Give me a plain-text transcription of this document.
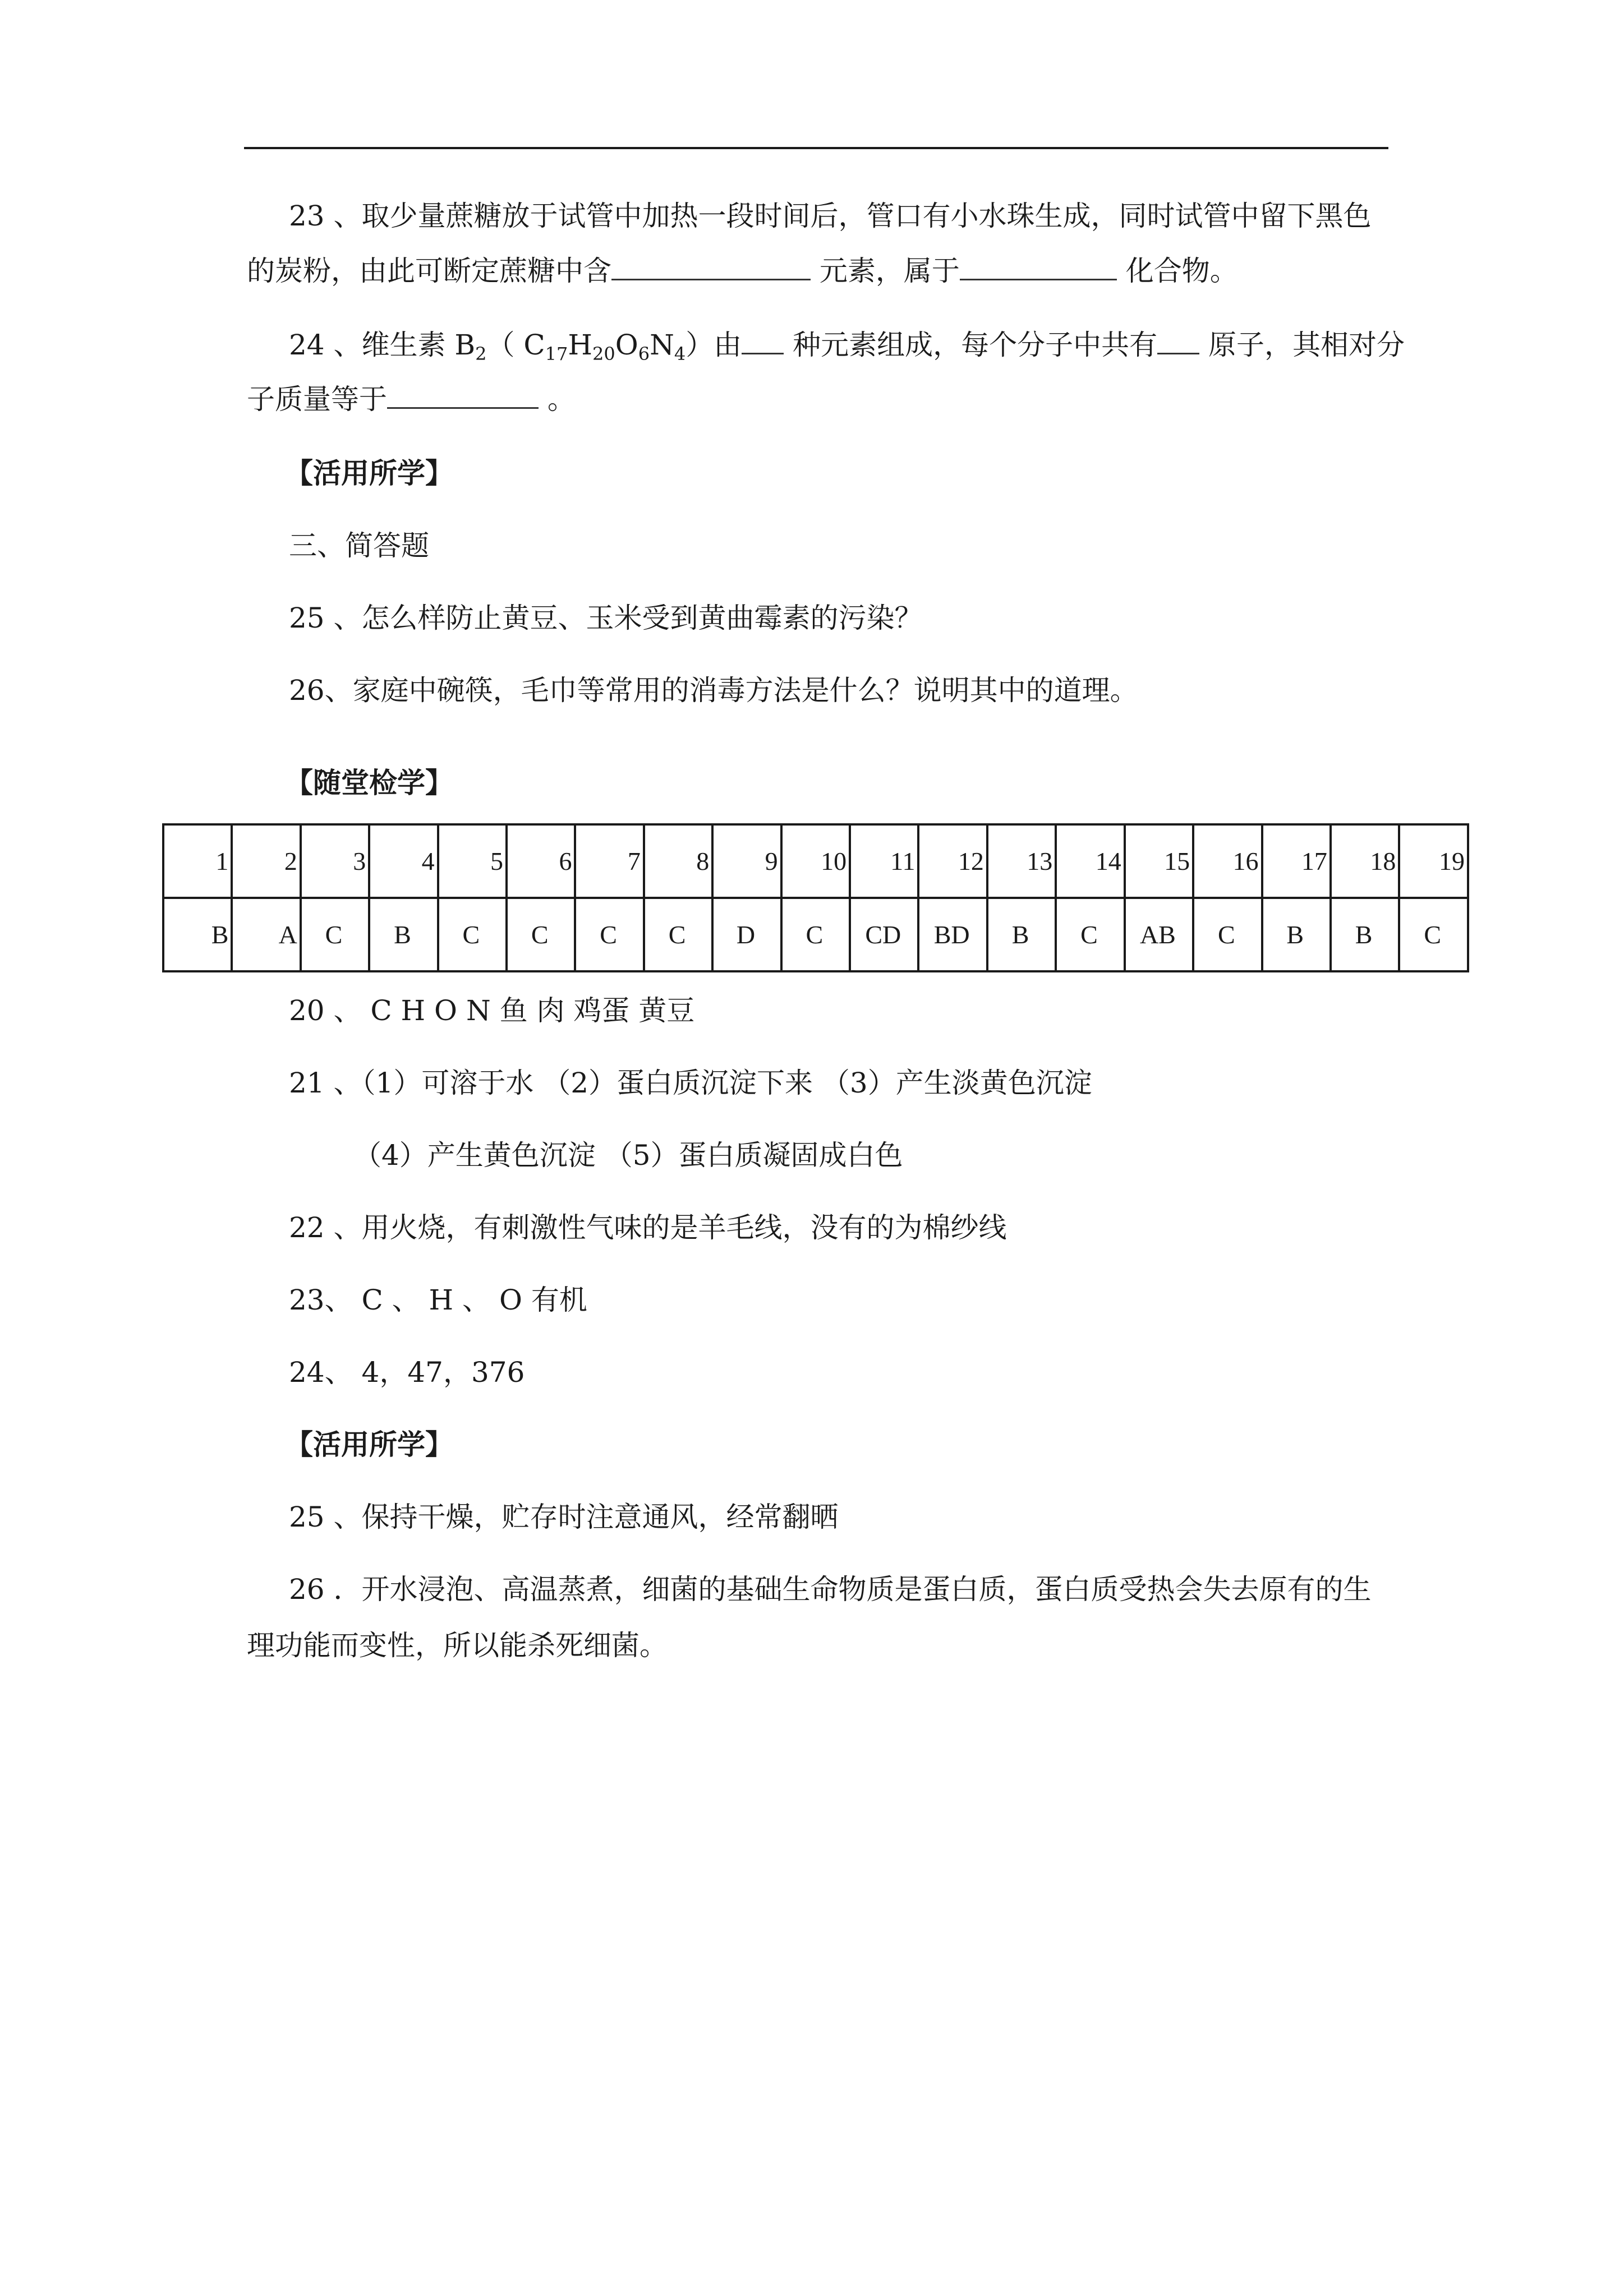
23 、取少量蔗糖放于试管中加热一段时间后，管口有小水珠生成，同时试管中留下黑色
的炭粉，由此可断定蔗糖中含	元素，属于	化合物。
24 、维生素 $B_2$（ $C_{17}H_{20}O_6N_4$）由 种元素组成，每个分子中共有 原子，其相对分
子质量等于	。
【活用所学】
三、简答题
25 、怎么样防止黄豆、玉米受到黄曲霉素的污染？
26、家庭中碗筷，毛巾等常用的消毒方法是什么？说明其中的道理。
【随堂检学】
1	2	3	4	5	6	7	8	9	10	11	12	13	14	15	16	17	18	19
B	A	C	B	C	C	C	C	D	C	CD	BD	B	C	AB	C	B	B	C
20 、 C H O N 鱼 肉 鸡蛋 黄豆
21 、（1）可溶于水 （2）蛋白质沉淀下来 （3）产生淡黄色沉淀
（4）产生黄色沉淀 （5）蛋白质凝固成白色
22 、用火烧，有刺激性气味的是羊毛线，没有的为棉纱线
23、 C 、 H 、 O 有机
24、 4，47，376
【活用所学】
25 、保持干燥，贮存时注意通风，经常翻晒
26 ．开水浸泡、高温蒸煮，细菌的基础生命物质是蛋白质，蛋白质受热会失去原有的生
理功能而变性，所以能杀死细菌。
